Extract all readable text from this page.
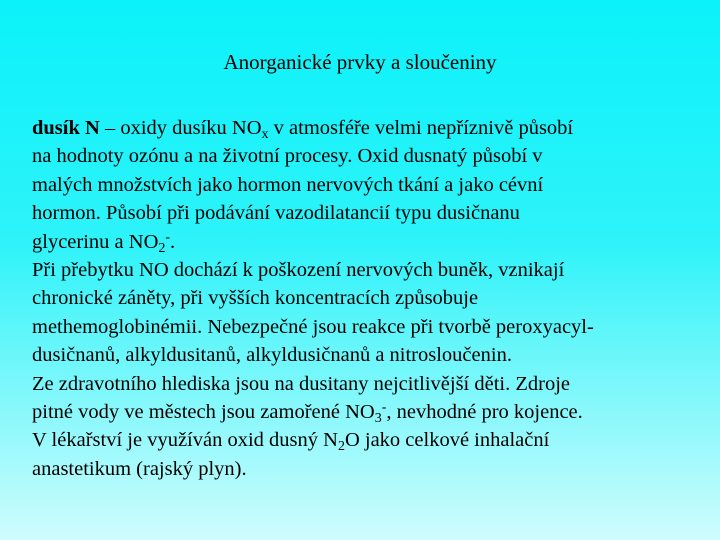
Anorganické prvky a sloučeniny
dusík N – oxidy dusíku $NO_x$ v atmosféře velmi nepříznivě působí
na hodnoty ozónu a na životní procesy. Oxid dusnatý působí v
malých množstvích jako hormon nervových tkání a jako cévní
hormon. Působí při podávání vazodilatancií typu dusičnanu
glycerinu a $NO_2^-$.
Při přebytku NO dochází k poškození nervových buněk, vznikají
chronické záněty, při vyšších koncentracích způsobuje
methemoglobinémii. Nebezpečné jsou reakce při tvorbě peroxyacyl-
dusičnanů, alkyldusitanů, alkyldusičnanů a nitrosloučenin.
Ze zdravotního hlediska jsou na dusitany nejcitlivější děti. Zdroje
pitné vody ve městech jsou zamořené $NO_3^-$, nevhodné pro kojence.
V lékařství je využíván oxid dusný $N_2O$ jako celkové inhalační
anastetikum (rajský plyn).
